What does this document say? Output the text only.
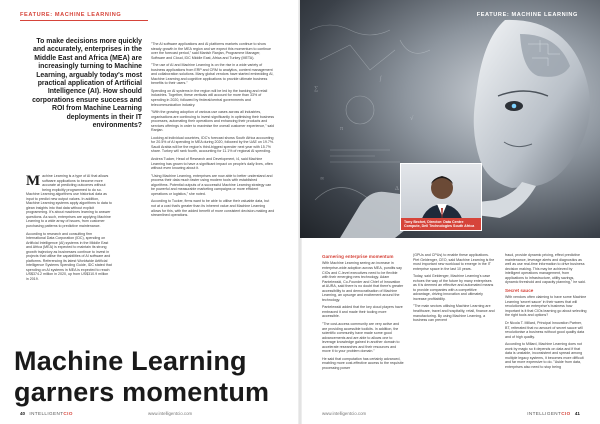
FEATURE: MACHINE LEARNING
To make decisions more quickly and accurately, enterprises in the Middle East and Africa (MEA) are increasingly turning to Machine Learning, arguably today's most practical application of Artificial Intelligence (AI). How should corporations ensure success and ROI from Machine Learning deployments in their IT environments?

Machine Learning is a type of AI that allows software applications to become more accurate at predicting outcomes without being explicitly programmed to do so. Machine Learning algorithms use historical data as input to predict new output values. In addition, Machine Learning systems apply algorithms to data to glean insights into that data without explicit programming. It's about machines learning to answer questions. As such, enterprises are applying Machine Learning to a wide array of issues, from customer purchasing patterns to predictive maintenance.

According to research and consulting firm International Data Corporation (IDC), spending on Artificial Intelligence (AI) systems in the Middle East and Africa (MEA) is expected to maintain its strong growth trajectory as businesses continue to invest in projects that utilise the capabilities of AI software and platforms. Referencing its latest Worldwide Artificial Intelligence Systems Spending Guide, IDC stated that spending on AI systems in MEA is expected to reach US$374.2 million in 2020, up from US$310.9 million in 2019.

"The AI software applications and AI platforms markets continue to show steady growth in the MEA region and we expect this momentum to continue over the forecast period," said Manish Ranjan, Programme Manager, Software and Cloud, IDC Middle East, Africa and Turkey (META).

"The use of AI and Machine Learning is on the rise in a wide variety of business applications from ERP and CRM to analytics, content management and collaboration solutions. Many global vendors have started embedding AI, Machine Learning and cognitive applications to provide ultimate business benefits to their users."

Spending on AI systems in the region will be led by the banking and retail industries. Together, these verticals will account for more than 33% of spending in 2020, followed by federal/central governments and telecommunication industry.

"With the growing adoption of various use cases across all industries, organisations are continuing to invest significantly in optimising their business processes, automating their operations and enhancing their products and services offerings in order to maximise the overall customer experience," said Ranjan.

Looking at individual countries, IDC's forecast shows South Africa accounting for 20.5% of AI spending in MEA during 2020, followed by the UAE on 19.7%. Saudi Arabia will be the region's third-biggest spender next year with 15.7% share. Turkey will rank fourth, accounting for 11.1% of regional AI spending.

Andrea Tucker, Head of Research and Development, i4, said Machine Learning has grown to have a significant impact on people's daily lives, often without even knowing about it.

"Using Machine Learning, enterprises are now able to better understand and process their data much faster using modern tools with established algorithms. Potential outputs of a successful Machine Learning strategy can be powerful and measurable marketing campaigns or more efficient operations or logistics," she noted.

According to Tucker, firms want to be able to utilise their valuable data, but not at a cost that's greater than its inherent value and Machine Learning allows for this, with the added benefit of more consistent decision-making and streamlined operations.

40 INTELLIGENTCIO	www.intelligentcio.com
∑
∫
π
√
∞
Δ
FEATURE: MACHINE LEARNING
Tony Bechet, Director: Data Centre Compute, Dell Technologies South Africa
Garnering enterprise momentum

With Machine Learning seeing an increase in enterprise-wide adoption across MEA, pundits say CIOs and C-level executives need to be flexible with their emerging new technology. Adam Pantelewski, Co-Founder and Chief of Innovation at AURA, said there is no doubt that there's greater accessibility to and democratisation of Machine Learning, an upsurge and excitement around the technology.

Pantelewski added that the key cloud players have embraced it and made their tooling more accessible.

"The cost-access community are very active and are providing accessible toolkits. In addition, the scientific community have made some good advancements and are able to allows one to leverage knowledge gained in another domain to accelerate researches and their resources and move it to your problem domain."

He said that computation has certainly advanced, enabling more cost-effective access to the requisite processing power

(GPUs and CPUs) to enable these applications. Piet Geldenger, CEO, said Machine Learning is the most important new workload to emerge in the IT enterprise space in the last 10 years.

Today, said Geldenger, Machine Learning's case echoes the way of the future by many enterprises as it is deemed an effective and automated means to provide companies with a competitive advantage, driving innovation and ultimately increase profitability.

"The main sectors utilising Machine Learning are healthcare, travel and hospitality, retail, finance and manufacturing. By using Machine Learning, a business can prevent

fraud, provide dynamic pricing, effect predictive maintenance, leverage alerts and diagnostics as well as use real-time information to drive business decision making. This may be achieved by intelligent operations management, from applications to infrastructure, utility savings, dynamic threshold and capacity planning," he said.

Secret sauce

With vendors often claiming to have some Machine Learning 'secret sauce' in their wares that will revolutionise an enterprise's business how important is it that CIOs learning go about selecting the right tools and options?

Dr Nicola T. Millard, Principal Innovation Partner, BT, reiterated that no amount of secret sauce will revolutionise a business without good quality data and of high quality.

According to Millard, Machine Learning does not work by magic so it depends on data and if that data is unstable, inconsistent and spread among multiple legacy systems, it becomes more difficult and far more expensive to do. "Aside from data, enterprises also need to stop being

www.intelligentcio.com	INTELLIGENTCIO 41
Machine Learning
garners momentum
